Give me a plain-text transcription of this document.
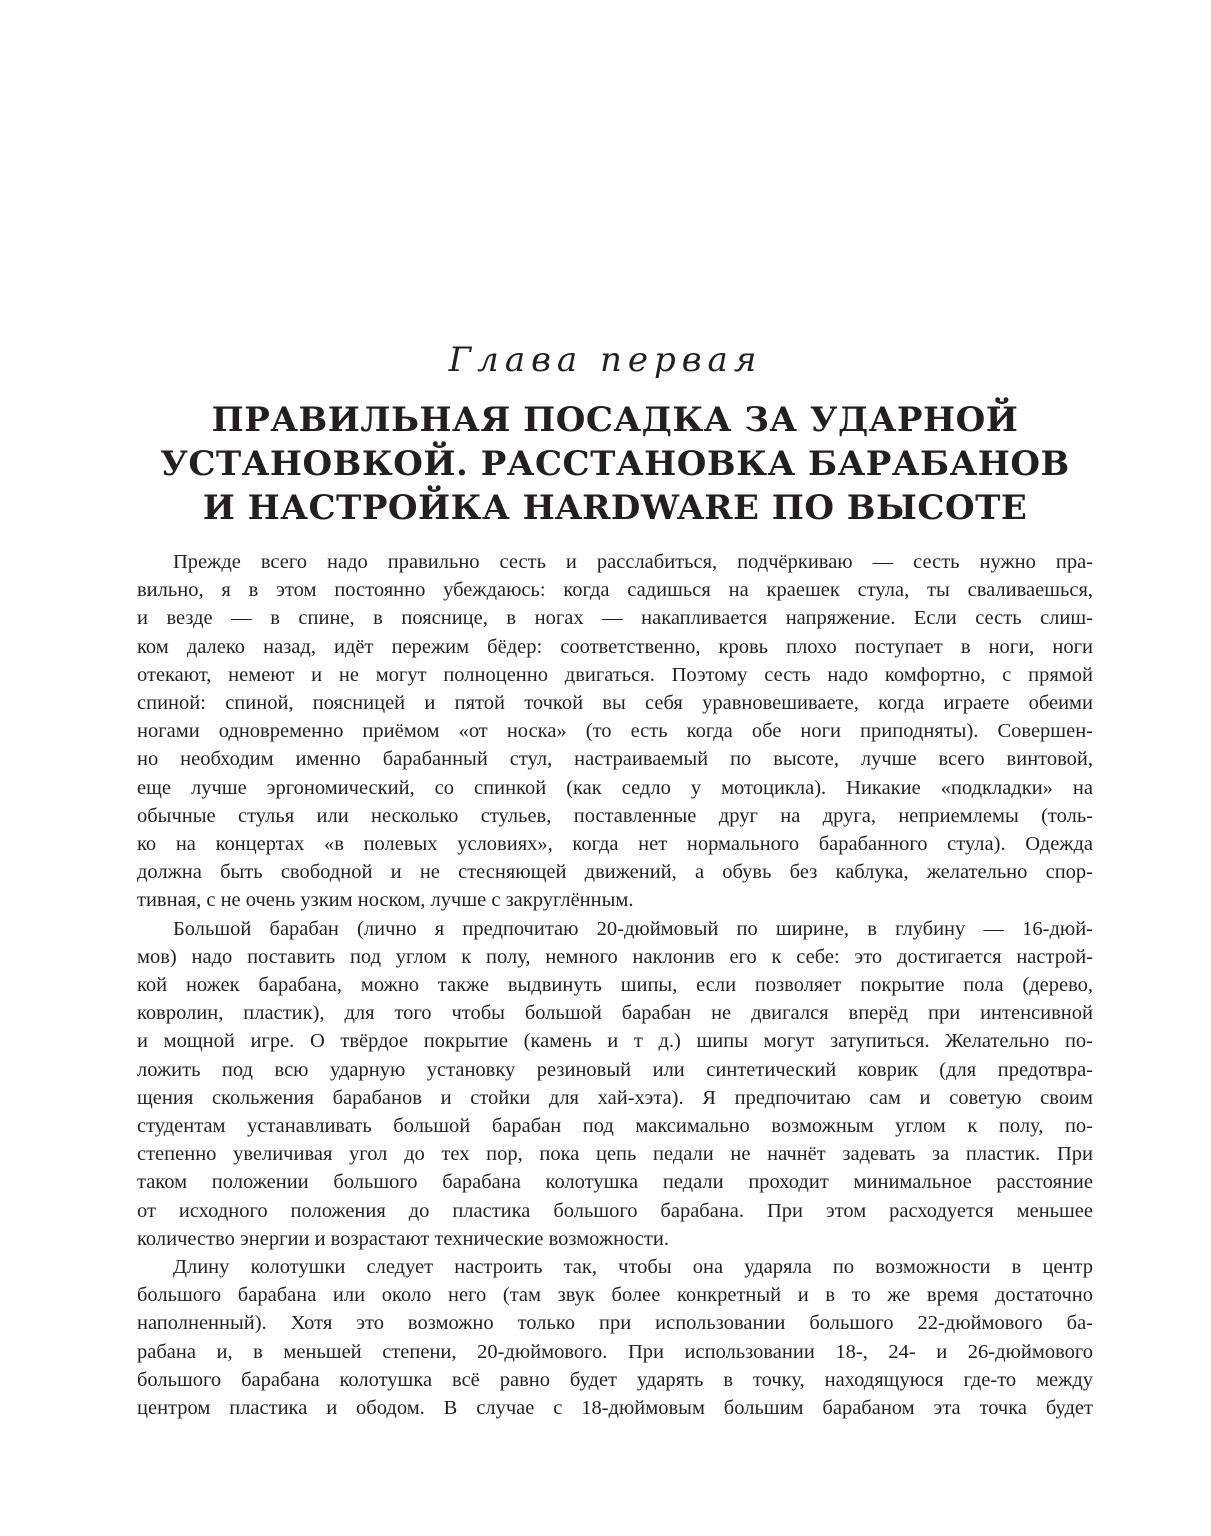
Глава первая
ПРАВИЛЬНАЯ ПОСАДКА ЗА УДАРНОЙ
УСТАНОВКОЙ. РАССТАНОВКА БАРАБАНОВ
И НАСТРОЙКА HARDWARE ПО ВЫСОТЕ

Прежде всего надо правильно сесть и расслабиться, подчёркиваю — сесть нужно пра-
вильно, я в этом постоянно убеждаюсь: когда садишься на краешек стула, ты сваливаешься,
и везде — в спине, в пояснице, в ногах — накапливается напряжение. Если сесть слиш-
ком далеко назад, идёт пережим бёдер: соответственно, кровь плохо поступает в ноги, ноги
отекают, немеют и не могут полноценно двигаться. Поэтому сесть надо комфортно, с прямой
спиной: спиной, поясницей и пятой точкой вы себя уравновешиваете, когда играете обеими
ногами одновременно приёмом «от носка» (то есть когда обе ноги приподняты). Совершен-
но необходим именно барабанный стул, настраиваемый по высоте, лучше всего винтовой,
еще лучше эргономический, со спинкой (как седло у мотоцикла). Никакие «подкладки» на
обычные стулья или несколько стульев, поставленные друг на друга, неприемлемы (толь-
ко на концертах «в полевых условиях», когда нет нормального барабанного стула). Одежда
должна быть свободной и не стесняющей движений, а обувь без каблука, желательно спор-
тивная, с не очень узким носком, лучше с закруглённым.

Большой барабан (лично я предпочитаю 20-дюймовый по ширине, в глубину — 16-дюй-
мов) надо поставить под углом к полу, немного наклонив его к себе: это достигается настрой-
кой ножек барабана, можно также выдвинуть шипы, если позволяет покрытие пола (дерево,
ковролин, пластик), для того чтобы большой барабан не двигался вперёд при интенсивной
и мощной игре. О твёрдое покрытие (камень и т д.) шипы могут затупиться. Желательно по-
ложить под всю ударную установку резиновый или синтетический коврик (для предотвра-
щения скольжения барабанов и стойки для хай-хэта). Я предпочитаю сам и советую своим
студентам устанавливать большой барабан под максимально возможным углом к полу, по-
степенно увеличивая угол до тех пор, пока цепь педали не начнёт задевать за пластик. При
таком положении большого барабана колотушка педали проходит минимальное расстояние
от исходного положения до пластика большого барабана. При этом расходуется меньшее
количество энергии и возрастают технические возможности.

Длину колотушки следует настроить так, чтобы она ударяла по возможности в центр
большого барабана или около него (там звук более конкретный и в то же время достаточно
наполненный). Хотя это возможно только при использовании большого 22-дюймового ба-
рабана и, в меньшей степени, 20-дюймового. При использовании 18-, 24- и 26-дюймового
большого барабана колотушка всё равно будет ударять в точку, находящуюся где-то между
центром пластика и ободом. В случае с 18-дюймовым большим барабаном эта точка будет
